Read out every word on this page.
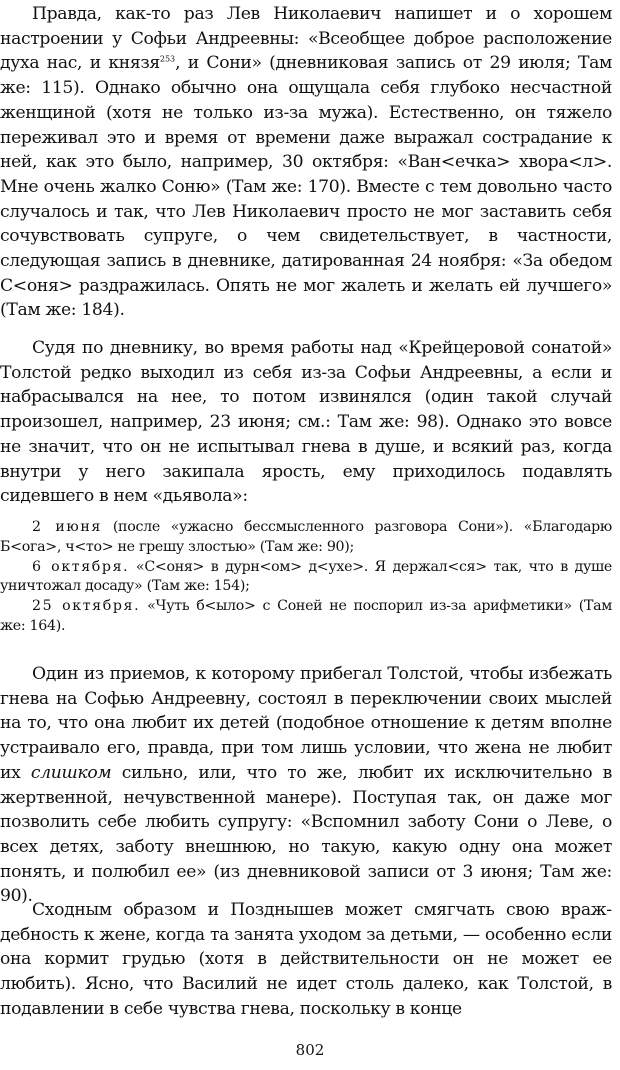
Правда, как-то раз Лев Николаевич напишет и о хорошем настроении у Софьи Андреевны: «Всеобщее доброе расположение духа нас, и князя$^{253}$, и Сони» (дневниковая запись от 29 июля; Там же: 115). Однако обычно она ощущала себя глубоко несчастной женщиной (хотя не только из-за мужа). Естественно, он тяжело переживал это и время от времени даже выражал сострадание к ней, как это было, например, 30 октября: «Ван<ечка> хвора<л>. Мне очень жалко Соню» (Там же: 170). Вместе с тем довольно часто случалось и так, что Лев Николаевич просто не мог заставить себя сочувствовать супруге, о чем свидетельствует, в частности, следующая запись в дневнике, датированная 24 ноября: «За обедом С<оня> раздражилась. Опять не мог жалеть и желать ей лучшего» (Там же: 184).

Судя по дневнику, во время работы над «Крейцеровой сонатой» Толстой редко выходил из себя из-за Софьи Андреевны, а если и набрасывался на нее, то потом извинялся (один такой случай произошел, например, 23 июня; см.: Там же: 98). Однако это вовсе не значит, что он не испытывал гнева в душе, и всякий раз, когда внутри у него закипала ярость, ему приходилось подавлять сидевшего в нем «дьявола»:

2 июня (после «ужасно бессмысленного разговора Сони»). «Благодарю Б<ога>, ч<то> не грешу злостью» (Там же: 90);

6 октября. «С<оня> в дурн<ом> д<ухе>. Я держал<ся> так, что в душе уничтожал досаду» (Там же: 154);

25 октября. «Чуть б<ыло> с Соней не поспорил из-за арифметики» (Там же: 164).

Один из приемов, к которому прибегал Толстой, чтобы избежать гнева на Софью Андреевну, состоял в переключении своих мыслей на то, что она любит их детей (подобное отношение к детям вполне устраивало его, правда, при том лишь условии, что жена не любит их слишком сильно, или, что то же, любит их исключительно в жертвенной, нечувственной манере). Поступая так, он даже мог позволить себе любить супругу: «Вспомнил заботу Сони о Леве, о всех детях, заботу внешнюю, но такую, какую одну она может понять, и полюбил ее» (из дневниковой записи от 3 июня; Там же: 90).

Сходным образом и Позднышев может смягчать свою враждебность к жене, когда та занята уходом за детьми, — особенно если она кормит грудью (хотя в действительности он не может ее любить). Ясно, что Василий не идет столь далеко, как Толстой, в подавлении в себе чувства гнева, поскольку в конце

802
